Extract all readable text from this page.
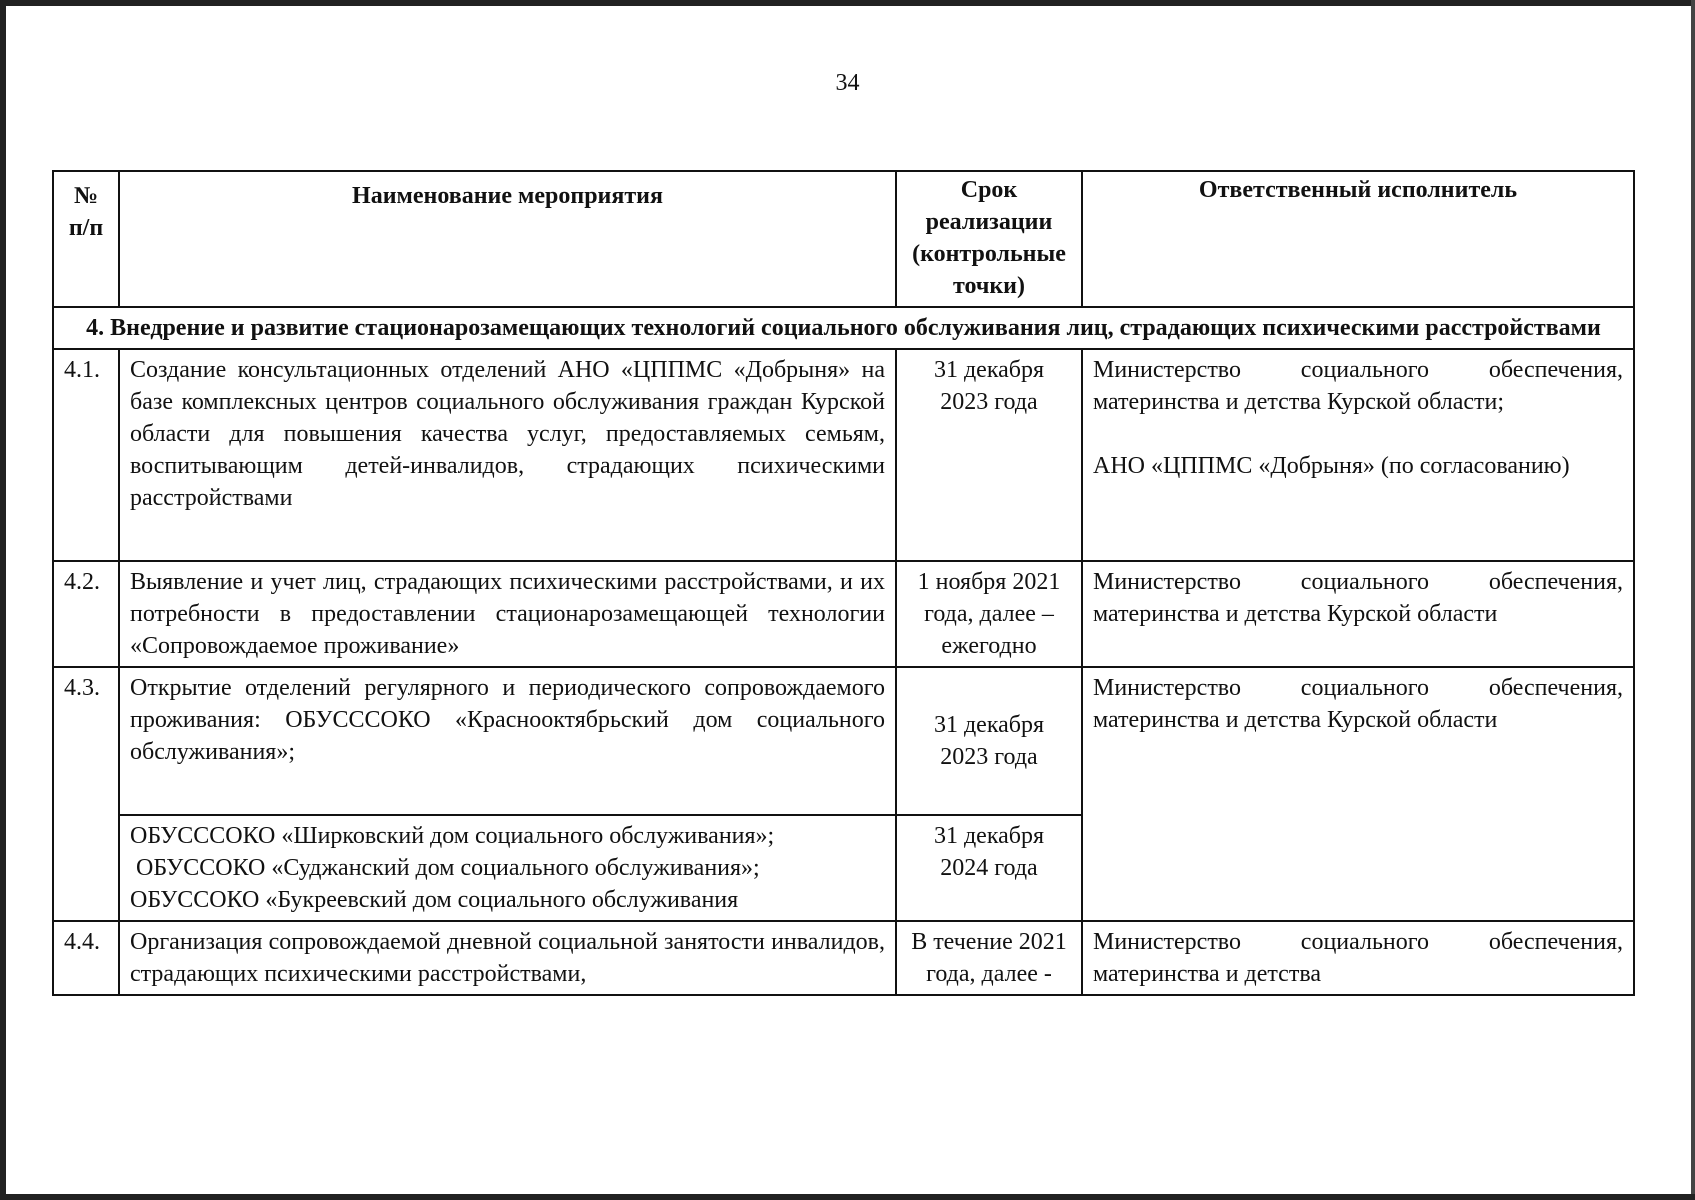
34
№ п/п	Наименование мероприятия	Срок реализации (контрольные точки)	Ответственный исполнитель
4. Внедрение и развитие стационарозамещающих технологий социального обслуживания лиц, страдающих психическими расстройствами			
4.1.	Создание консультационных отделений АНО «ЦППМС «Добрыня» на базе комплексных центров социального обслуживания граждан Курской области для повышения качества услуг, предоставляемых семьям, воспитывающим детей-инвалидов, страдающих психическими расстройствами	31 декабря 2023 года	Министерство социального обеспечения, материнства и детства Курской области;
АНО «ЦППМС «Добрыня» (по согласованию)

4.2.	Выявление и учет лиц, страдающих психическими расстройствами, и их потребности в предоставлении стационарозамещающей технологии «Сопровождаемое проживание»	1 ноября 2021 года, далее – ежегодно	Министерство социального обеспечения, материнства и детства Курской области
4.3.	Открытие отделений регулярного и периодического сопровождаемого проживания: ОБУСССОКО «Краснооктябрьский дом социального обслуживания»;	31 декабря 2023 года	Министерство социального обеспечения, материнства и детства Курской области

	ОБУСССОКО «Ширковский дом социального обслуживания»;
ОБУССОКО «Суджанский дом социального обслуживания»;
ОБУССОКО «Букреевский дом социального обслуживания	31 декабря 2024 года	
4.4.	Организация сопровождаемой дневной социальной занятости инвалидов, страдающих психическими расстройствами,	В течение 2021 года, далее -	Министерство социального обеспечения, материнства и детства
